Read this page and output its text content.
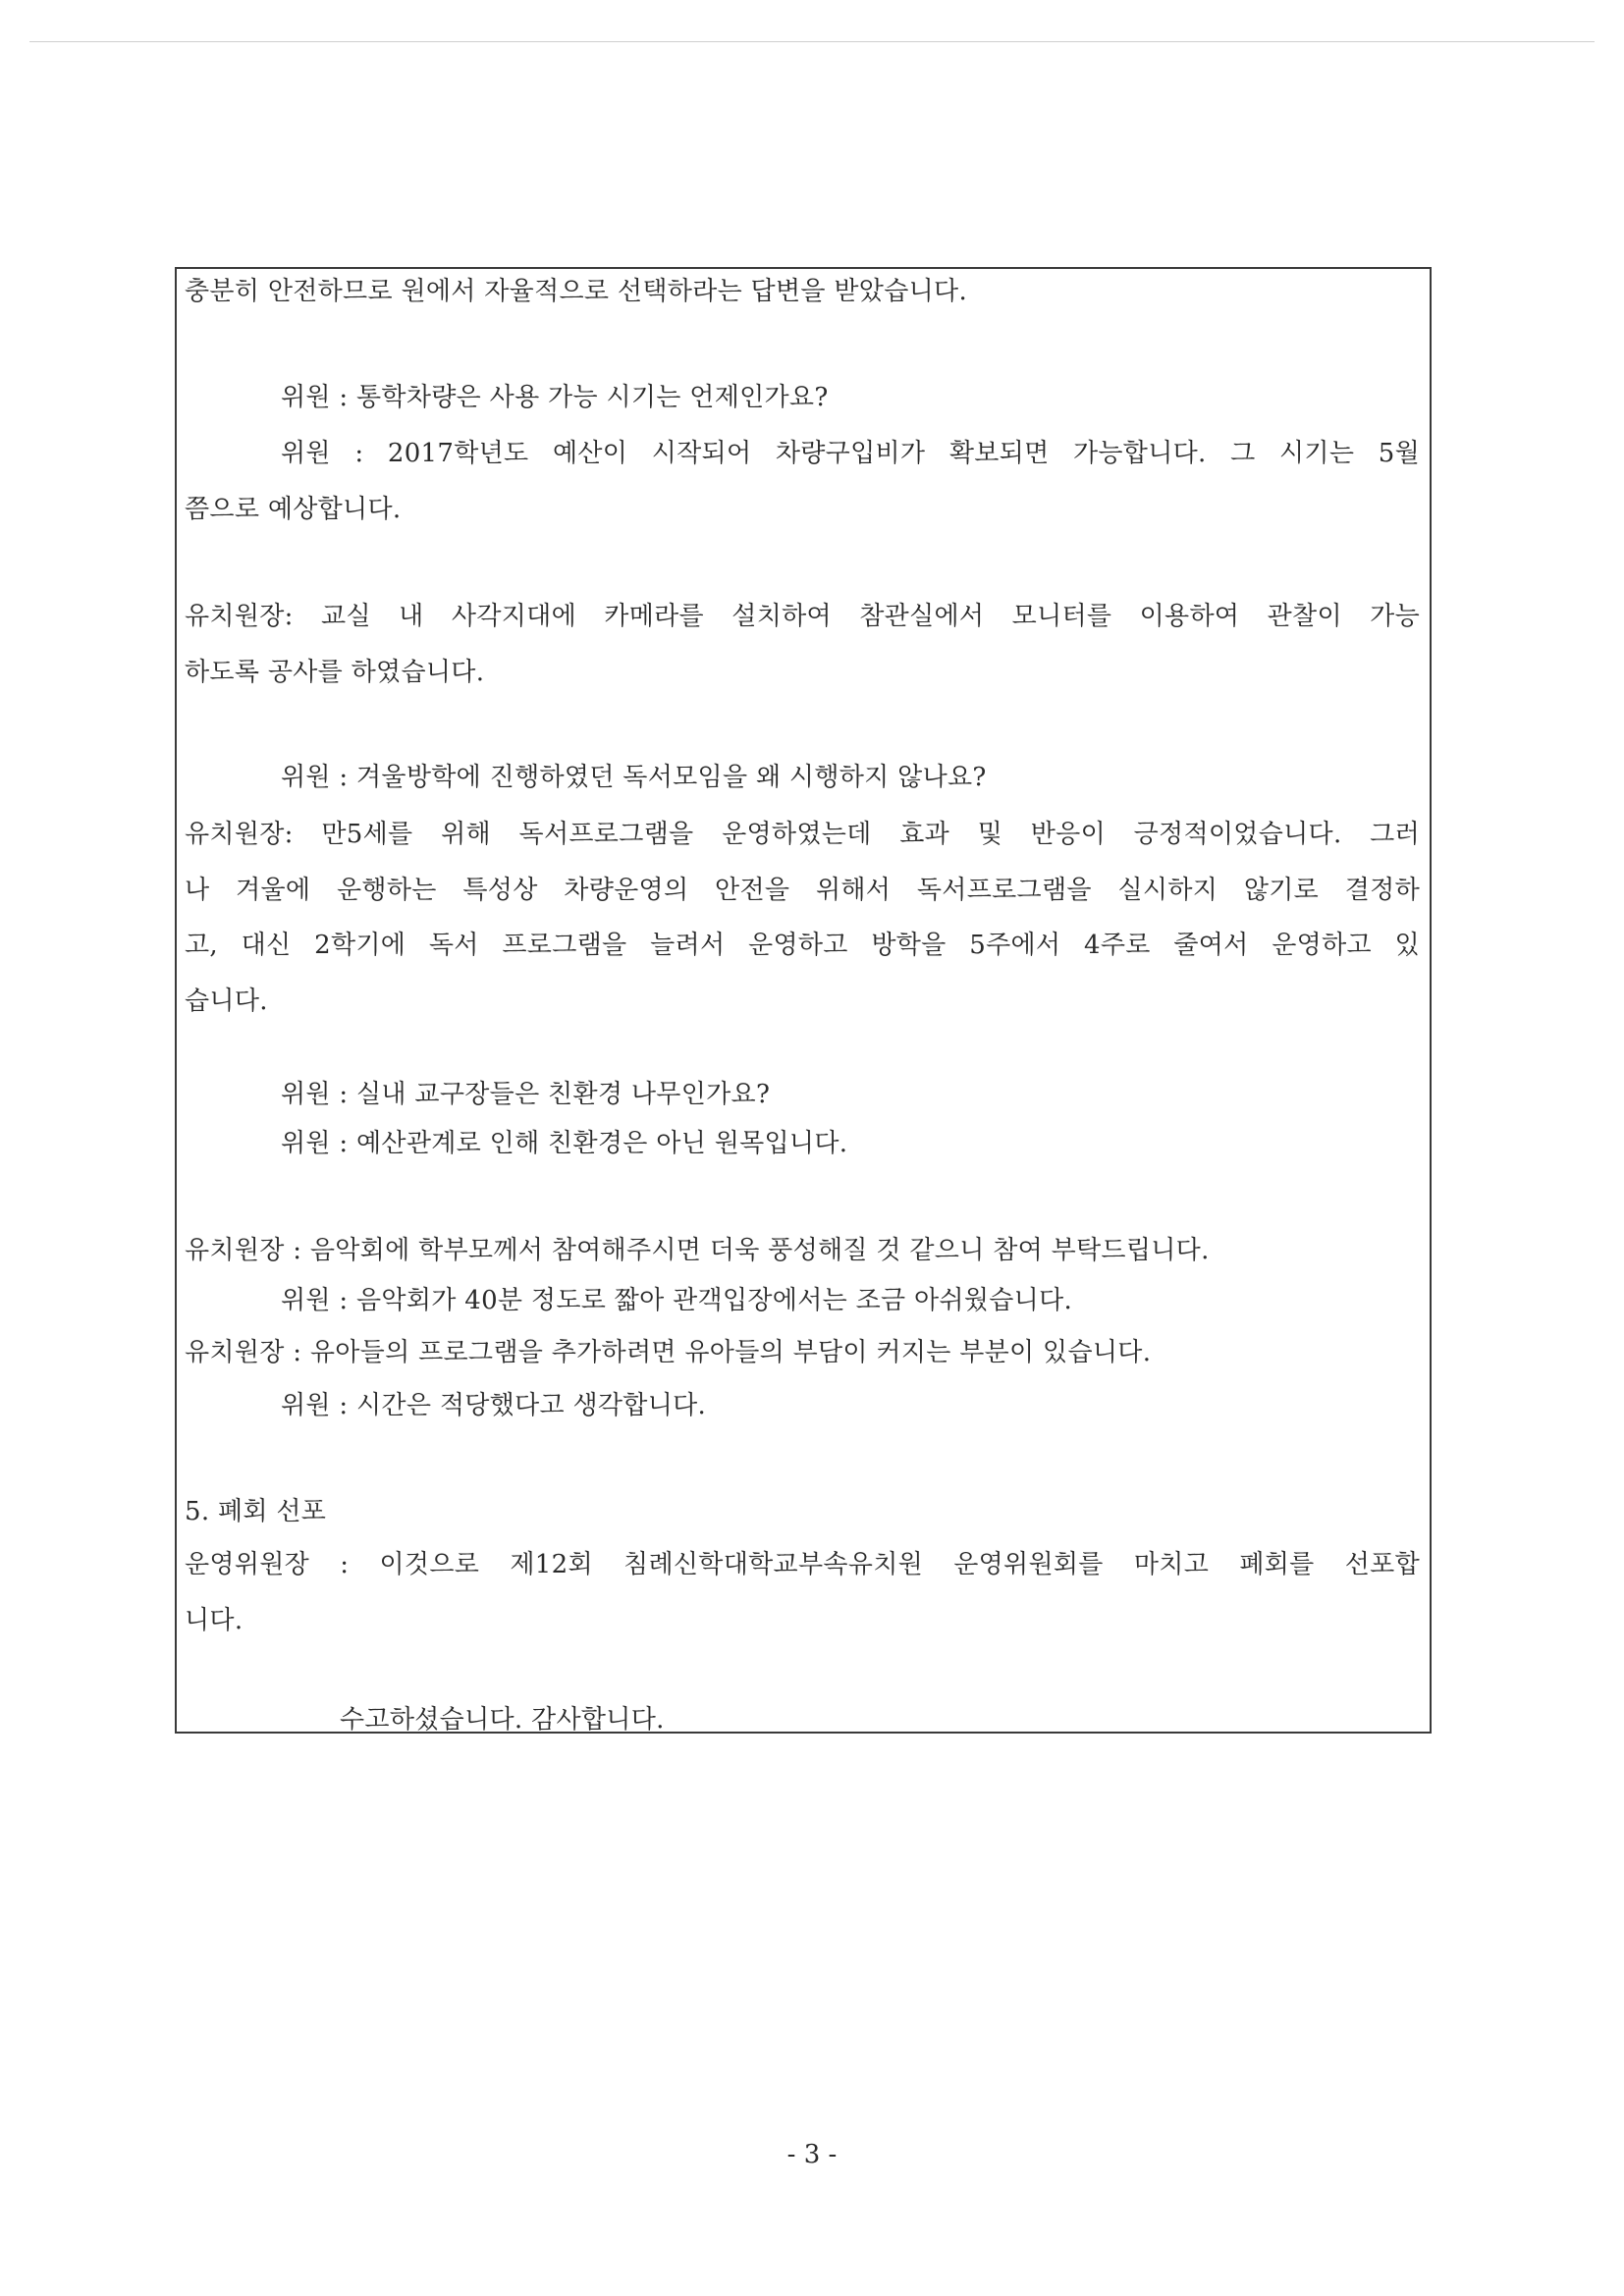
충분히 안전하므로 원에서 자율적으로 선택하라는 답변을 받았습니다.
위원 : 통학차량은 사용 가능 시기는 언제인가요?
위원 : 2017학년도 예산이 시작되어 차량구입비가 확보되면 가능합니다. 그 시기는 5월
쯤으로 예상합니다.
유치원장: 교실 내 사각지대에 카메라를 설치하여 참관실에서 모니터를 이용하여 관찰이 가능
하도록 공사를 하였습니다.
위원 : 겨울방학에 진행하였던 독서모임을 왜 시행하지 않나요?
유치원장: 만5세를 위해 독서프로그램을 운영하였는데 효과 및 반응이 긍정적이었습니다. 그러
나 겨울에 운행하는 특성상 차량운영의 안전을 위해서 독서프로그램을 실시하지 않기로 결정하
고, 대신 2학기에 독서 프로그램을 늘려서 운영하고 방학을 5주에서 4주로 줄여서 운영하고 있
습니다.
위원 : 실내 교구장들은 친환경 나무인가요?
위원 : 예산관계로 인해 친환경은 아닌 원목입니다.
유치원장 : 음악회에 학부모께서 참여해주시면 더욱 풍성해질 것 같으니 참여 부탁드립니다.
위원 : 음악회가 40분 정도로 짧아 관객입장에서는 조금 아쉬웠습니다.
유치원장 : 유아들의 프로그램을 추가하려면 유아들의 부담이 커지는 부분이 있습니다.
위원 : 시간은 적당했다고 생각합니다.
5. 폐회 선포
운영위원장 : 이것으로 제12회 침례신학대학교부속유치원 운영위원회를 마치고 폐회를 선포합
니다.
수고하셨습니다. 감사합니다.
- 3 -
